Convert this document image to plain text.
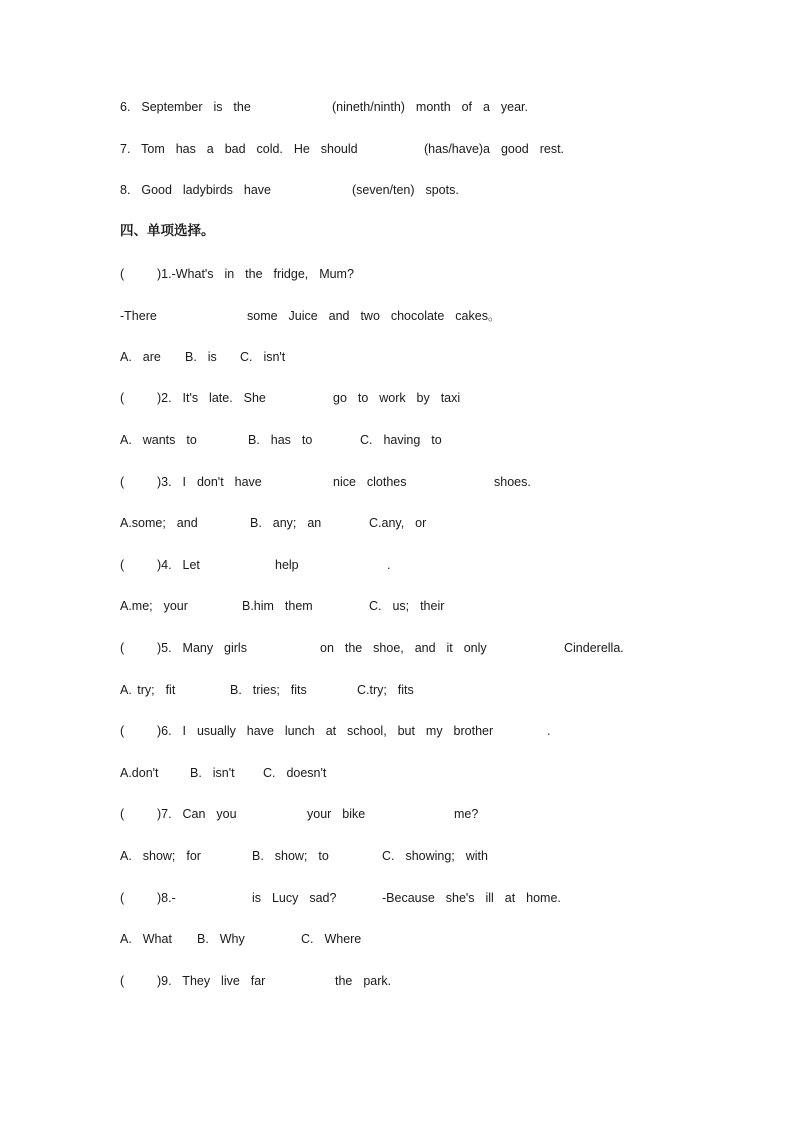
6.  September  is  the

	(nineth/ninth)  month  of  a  year.

7.  Tom  has  a  bad  cold.  He  should

	(has/have)a  good  rest.

8.  Good  ladybirds  have

	(seven/ten)  spots.

四、单项选择。

(      )1.-What's  in  the  fridge,  Mum?

-There

	some  Juice  and  two  chocolate  cakes。

A.  are

B.  is

C.  isn't

(      )2.  It's  late.  She

	go  to  work  by  taxi

A.  wants  to

	B.  has  to

	C.  having  to

(      )3.  I  don't  have

	nice  clothes

	shoes.

A.some;  and

	B.  any;  an

	C.any,  or

(      )4.  Let

	help

	.

A.me;  your

	B.him  them

	C.  us;  their

(      )5.  Many  girls

	on  the  shoe,  and  it  only

	Cinderella.

A. try;  fit

	B.  tries;  fits

	C.try;  fits

(      )6.  I  usually  have  lunch  at  school,  but  my  brother

	.

A.don't

	B.  isn't

C.  doesn't

(      )7.  Can  you

	your  bike

	me?

A.  show;  for

	B.  show;  to

	C.  showing;  with

(      )8.-

	is  Lucy  sad?

	-Because  she's  ill  at  home.

A.  What

B.  Why

	C.  Where

(      )9.  They  live  far

	the  park.
